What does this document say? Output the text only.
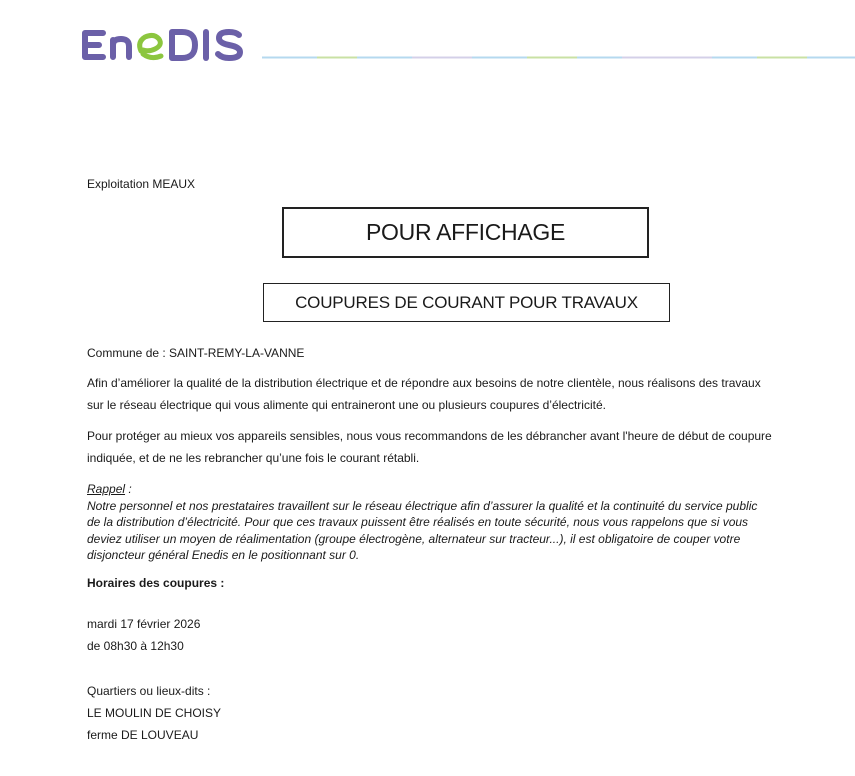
Exploitation MEAUX
POUR AFFICHAGE
COUPURES DE COURANT POUR TRAVAUX
Commune de : SAINT-REMY-LA-VANNE
Afin d’améliorer la qualité de la distribution électrique et de répondre aux besoins de notre clientèle, nous réalisons des travaux
sur le réseau électrique qui vous alimente qui entraineront une ou plusieurs coupures d’électricité.
Pour protéger au mieux vos appareils sensibles, nous vous recommandons de les débrancher avant l'heure de début de coupure
indiquée, et de ne les rebrancher qu’une fois le courant rétabli.
Rappel :
Notre personnel et nos prestataires travaillent sur le réseau électrique afin d’assurer la qualité et la continuité du service public
de la distribution d’électricité. Pour que ces travaux puissent être réalisés en toute sécurité, nous vous rappelons que si vous
deviez utiliser un moyen de réalimentation (groupe électrogène, alternateur sur tracteur...), il est obligatoire de couper votre
disjoncteur général Enedis en le positionnant sur 0.
Horaires des coupures :
mardi 17 février 2026
de 08h30 à 12h30
Quartiers ou lieux-dits :
LE MOULIN DE CHOISY
ferme DE LOUVEAU
